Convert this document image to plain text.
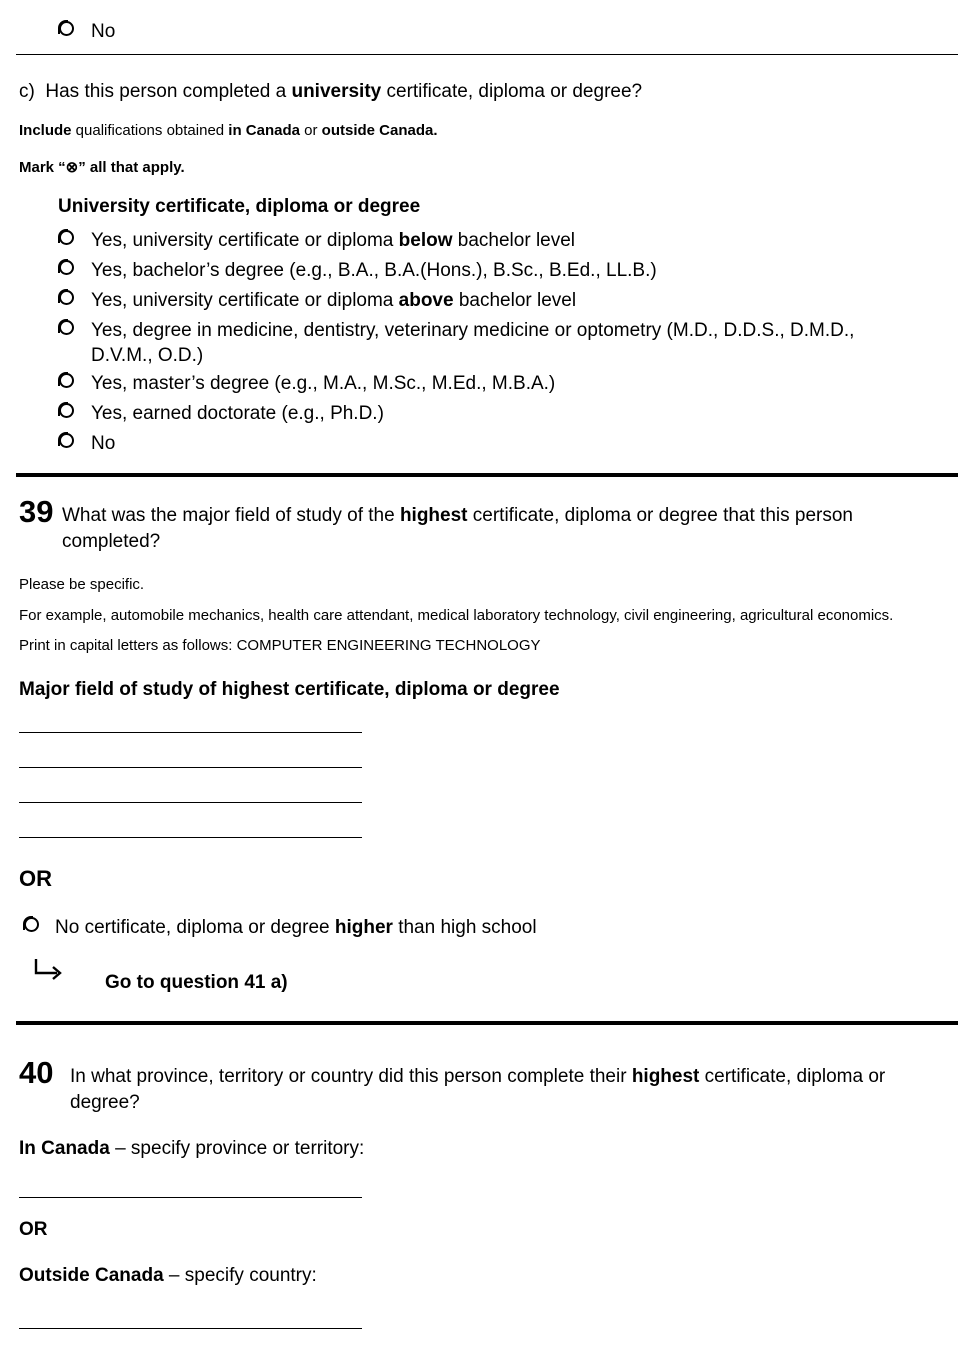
No
c) Has this person completed a university certificate, diploma or degree?
Include qualifications obtained in Canada or outside Canada.
Mark “⊗” all that apply.
University certificate, diploma or degree
Yes, university certificate or diploma below bachelor level
Yes, bachelor’s degree (e.g., B.A., B.A.(Hons.), B.Sc., B.Ed., LL.B.)
Yes, university certificate or diploma above bachelor level
Yes, degree in medicine, dentistry, veterinary medicine or optometry (M.D., D.D.S., D.M.D.,
D.V.M., O.D.)
Yes, master’s degree (e.g., M.A., M.Sc., M.Ed., M.B.A.)
Yes, earned doctorate (e.g., Ph.D.)
No
39 What was the major field of study of the highest certificate, diploma or degree that this person
completed?
Please be specific.
For example, automobile mechanics, health care attendant, medical laboratory technology, civil engineering, agricultural economics.
Print in capital letters as follows: COMPUTER ENGINEERING TECHNOLOGY
Major field of study of highest certificate, diploma or degree
OR
No certificate, diploma or degree higher than high school
Go to question 41 a)
40 In what province, territory or country did this person complete their highest certificate, diploma or
degree?
In Canada – specify province or territory:
OR
Outside Canada – specify country:
